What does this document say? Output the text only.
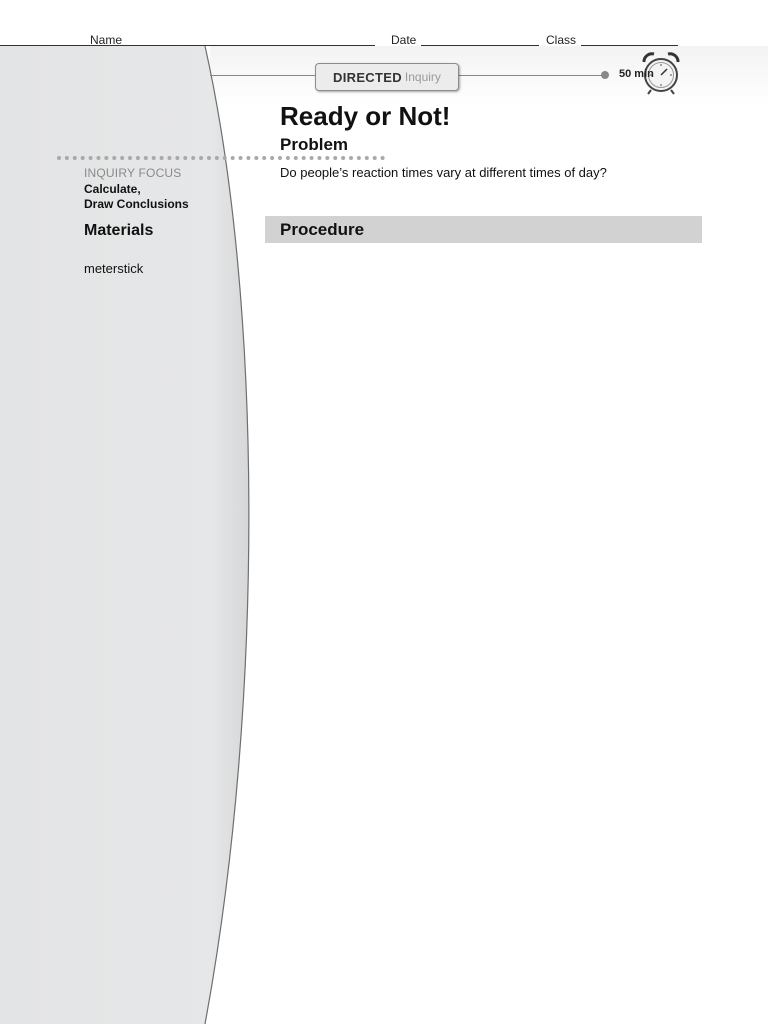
Name	Date	Class
DIRECTED Inquiry	50 min
INQUIRY FOCUS
Calculate,
Draw Conclusions
Materials
meterstick
Ready or Not!
Problem
Do people’s reaction times vary at different times of day?
Procedure
